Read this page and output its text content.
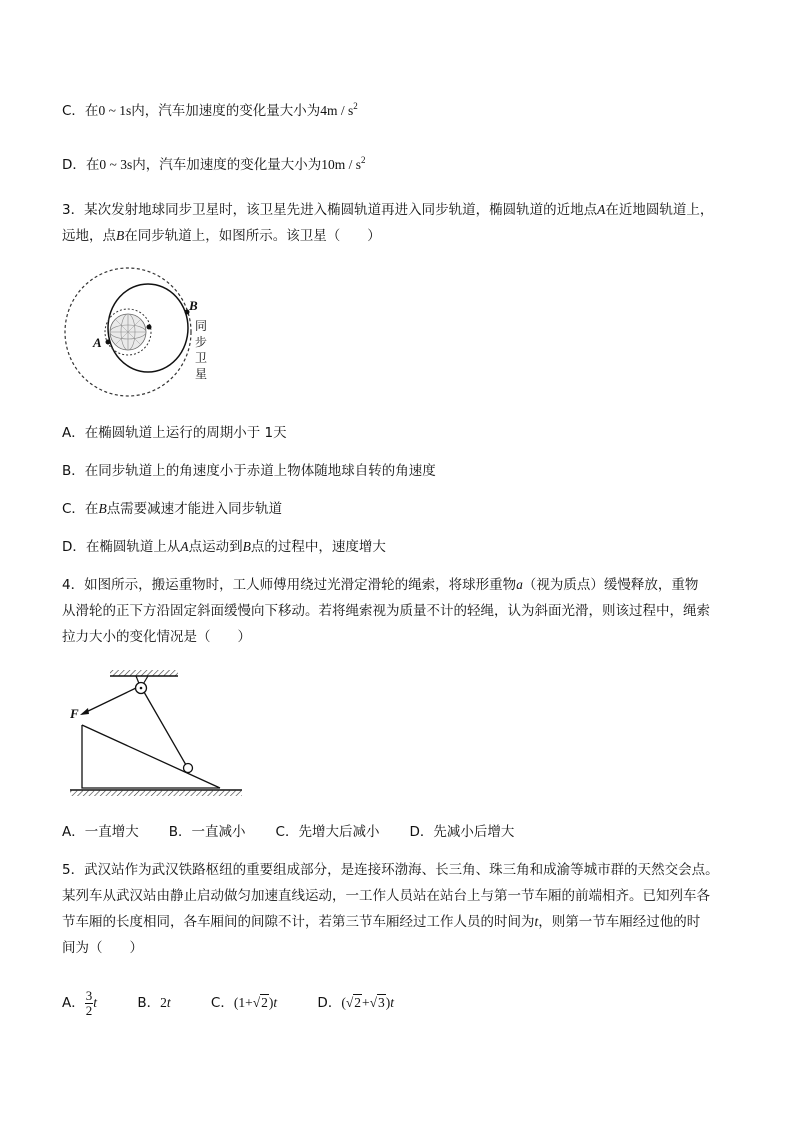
C．在0 ~ 1s内，汽车加速度的变化量大小为$4m / s^2$
D．在0 ~ 3s内，汽车加速度的变化量大小为$10m / s^2$
3．某次发射地球同步卫星时，该卫星先进入椭圆轨道再进入同步轨道，椭圆轨道的近地点A在近地圆轨道上，
远地，点B在同步轨道上，如图所示。该卫星（　　）
A
B
同
步
卫
星
A．在椭圆轨道上运行的周期小于 1天
B．在同步轨道上的角速度小于赤道上物体随地球自转的角速度
C．在B点需要减速才能进入同步轨道
D．在椭圆轨道上从A点运动到B点的过程中，速度增大
4．如图所示，搬运重物时，工人师傅用绕过光滑定滑轮的绳索，将球形重物a（视为质点）缓慢释放，重物
从滑轮的正下方沿固定斜面缓慢向下移动。若将绳索视为质量不计的轻绳，认为斜面光滑，则该过程中，绳索
拉力大小的变化情况是（　　）
F
A．一直增大 B．一直减小 C．先增大后减小 D．先减小后增大
5．武汉站作为武汉铁路枢纽的重要组成部分，是连接环渤海、长三角、珠三角和成渝等城市群的天然交会点。
某列车从武汉站由静止启动做匀加速直线运动，一工作人员站在站台上与第一节车厢的前端相齐。已知列车各
节车厢的长度相同，各车厢间的间隙不计，若第三节车厢经过工作人员的时间为t，则第一节车厢经过他的时
间为（　　）
A． $\frac{3}{2}$ t	B．2t	C．(1+√2)t	D．(√2+√3)t
